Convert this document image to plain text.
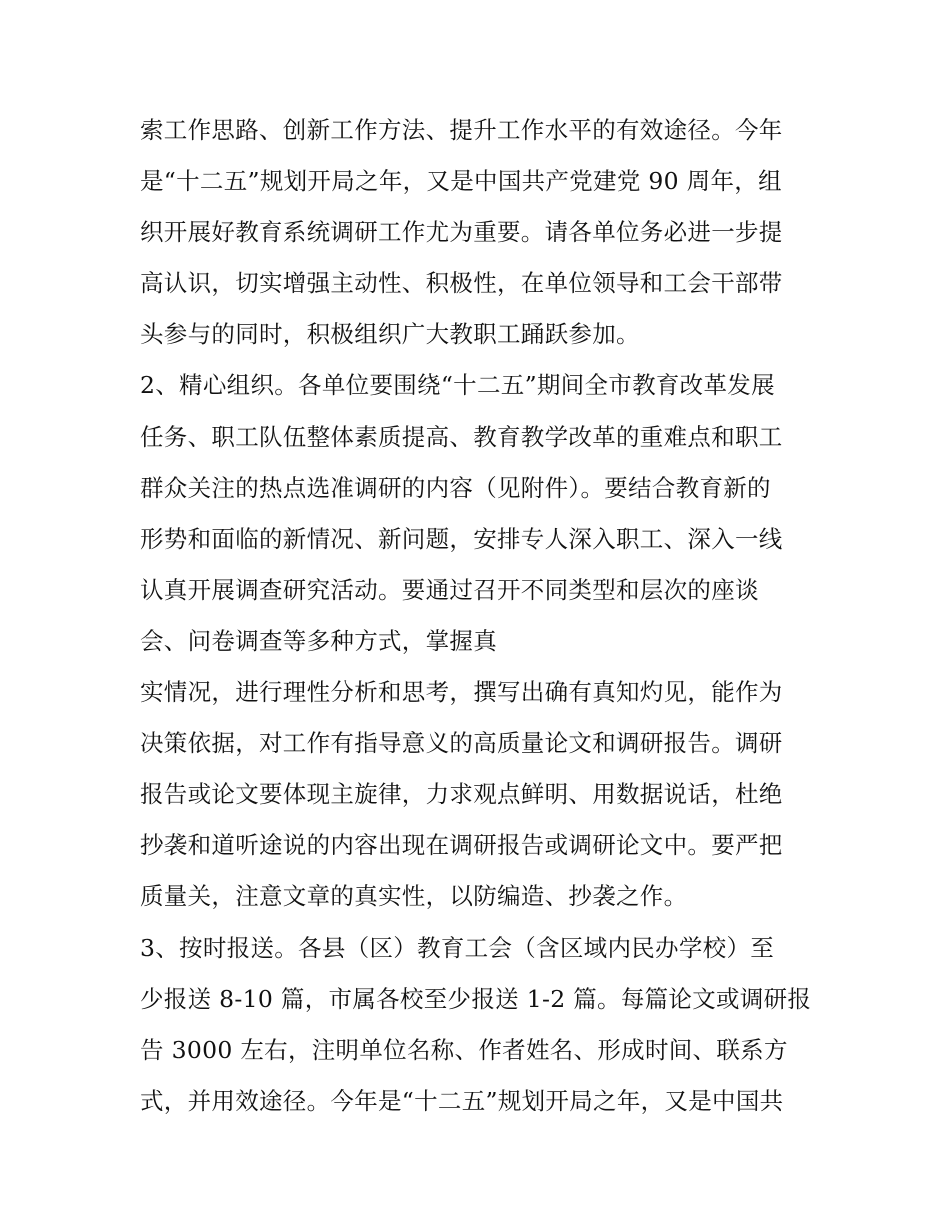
索工作思路、创新工作方法、提升工作水平的有效途径。今年
是“十二五”规划开局之年，又是中国共产党建党 90 周年，组
织开展好教育系统调研工作尤为重要。请各单位务必进一步提
高认识，切实增强主动性、积极性，在单位领导和工会干部带
头参与的同时，积极组织广大教职工踊跃参加。
2、精心组织。各单位要围绕“十二五”期间全市教育改革发展
任务、职工队伍整体素质提高、教育教学改革的重难点和职工
群众关注的热点选准调研的内容（见附件）。要结合教育新的
形势和面临的新情况、新问题，安排专人深入职工、深入一线
认真开展调查研究活动。要通过召开不同类型和层次的座谈
会、问卷调查等多种方式，掌握真
实情况，进行理性分析和思考，撰写出确有真知灼见，能作为
决策依据，对工作有指导意义的高质量论文和调研报告。调研
报告或论文要体现主旋律，力求观点鲜明、用数据说话，杜绝
抄袭和道听途说的内容出现在调研报告或调研论文中。要严把
质量关，注意文章的真实性，以防编造、抄袭之作。
3、按时报送。各县（区）教育工会（含区域内民办学校）至
少报送 8-10 篇，市属各校至少报送 1-2 篇。每篇论文或调研报
告 3000 左右，注明单位名称、作者姓名、形成时间、联系方
式，并用效途径。今年是“十二五”规划开局之年，又是中国共
